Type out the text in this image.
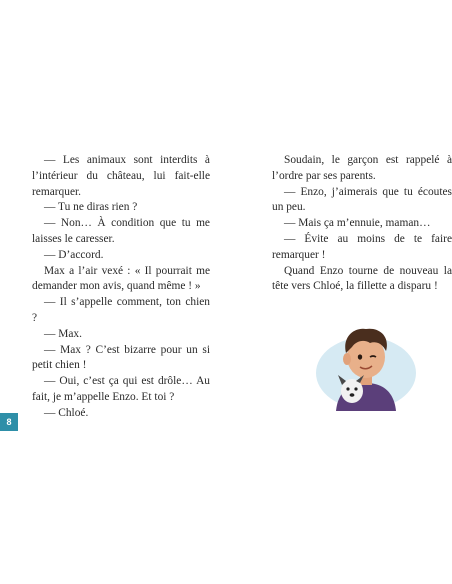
— Les animaux sont interdits à l’intérieur du château, lui fait-elle remarquer.

— Tu ne diras rien ?

— Non… À condition que tu me laisses le caresser.

— D’accord.

Max a l’air vexé : « Il pourrait me demander mon avis, quand même ! »

— Il s’appelle comment, ton chien ?

— Max.

— Max ? C’est bizarre pour un si petit chien !

— Oui, c’est ça qui est drôle… Au fait, je m’appelle Enzo. Et toi ?

— Chloé.

Soudain, le garçon est rappelé à l’ordre par ses parents.

— Enzo, j’aimerais que tu écoutes un peu.

— Mais ça m’ennuie, maman…

— Évite au moins de te faire remarquer !

Quand Enzo tourne de nouveau la tête vers Chloé, la fillette a disparu !

8
